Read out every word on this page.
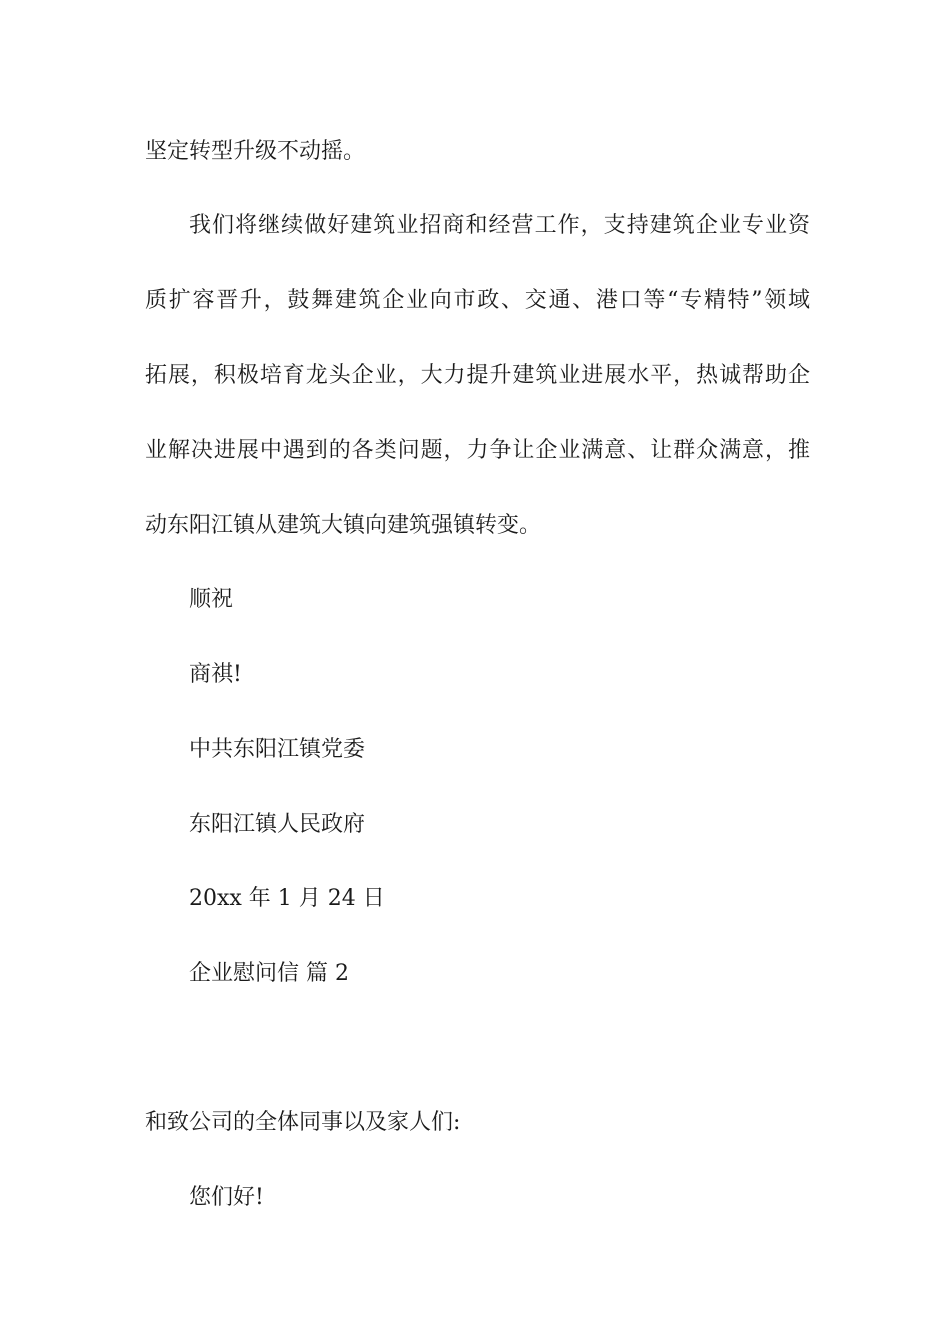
坚定转型升级不动摇。
我们将继续做好建筑业招商和经营工作，支持建筑企业专业资
质扩容晋升，鼓舞建筑企业向市政、交通、港口等“专精特”领域
拓展，积极培育龙头企业，大力提升建筑业进展水平，热诚帮助企
业解决进展中遇到的各类问题，力争让企业满意、让群众满意，推
动东阳江镇从建筑大镇向建筑强镇转变。
顺祝
商祺!
中共东阳江镇党委
东阳江镇人民政府
20xx 年 1 月 24 日
企业慰问信 篇 2
和致公司的全体同事以及家人们:
您们好!
